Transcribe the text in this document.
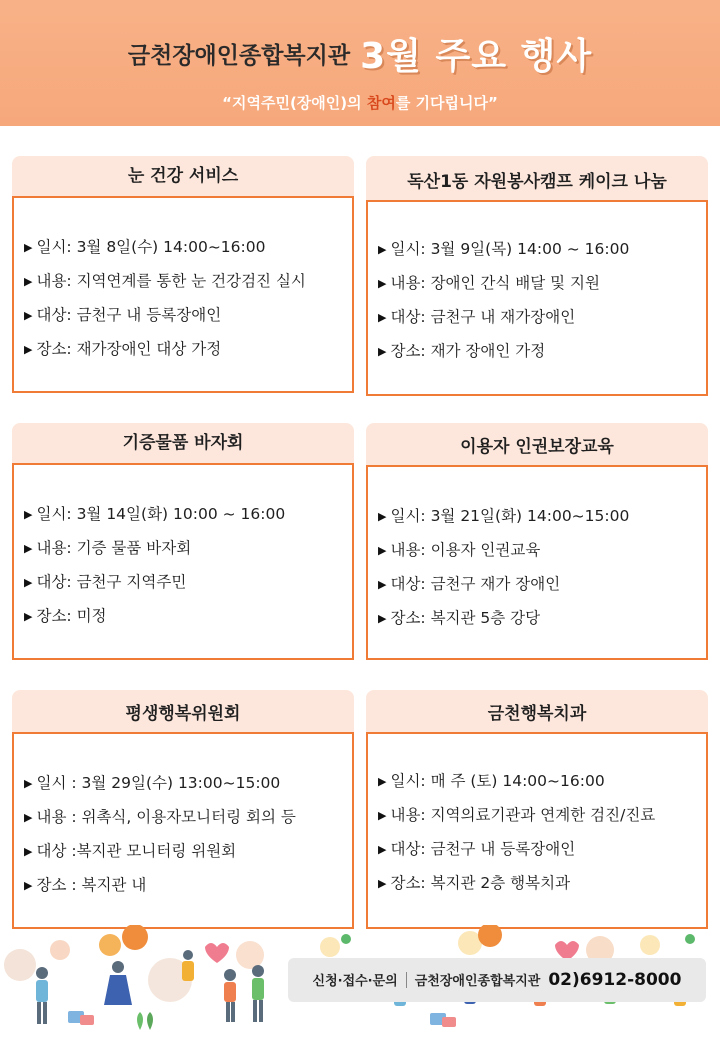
금천장애인종합복지관 3월 주요 행사
“지역주민(장애인)의 참여를 기다립니다”
눈 건강 서비스
▶ 일시: 3월 8일(수) 14:00~16:00
▶ 내용: 지역연계를 통한 눈 건강검진 실시
▶ 대상: 금천구 내 등록장애인
▶ 장소: 재가장애인 대상 가정
독산1동 자원봉사캠프 케이크 나눔
▶ 일시: 3월 9일(목) 14:00 ~ 16:00
▶ 내용: 장애인 간식 배달 및 지원
▶ 대상: 금천구 내 재가장애인
▶ 장소: 재가 장애인 가정
기증물품 바자회
▶ 일시: 3월 14일(화) 10:00 ~ 16:00
▶ 내용: 기증 물품 바자회
▶ 대상: 금천구 지역주민
▶ 장소: 미정
이용자 인권보장교육
▶ 일시: 3월 21일(화) 14:00~15:00
▶ 내용: 이용자 인권교육
▶ 대상: 금천구 재가 장애인
▶ 장소: 복지관 5층 강당
평생행복위원회
▶ 일시 : 3월 29일(수) 13:00~15:00
▶ 내용 : 위촉식, 이용자모니터링 회의 등
▶ 대상 :복지관 모니터링 위원회
▶ 장소 : 복지관 내
금천행복치과
▶ 일시: 매 주 (토) 14:00~16:00
▶ 내용: 지역의료기관과 연계한 검진/진료
▶ 대상: 금천구 내 등록장애인
▶ 장소: 복지관 2층 행복치과
신청·접수·문의 금천장애인종합복지관 02)6912-8000
